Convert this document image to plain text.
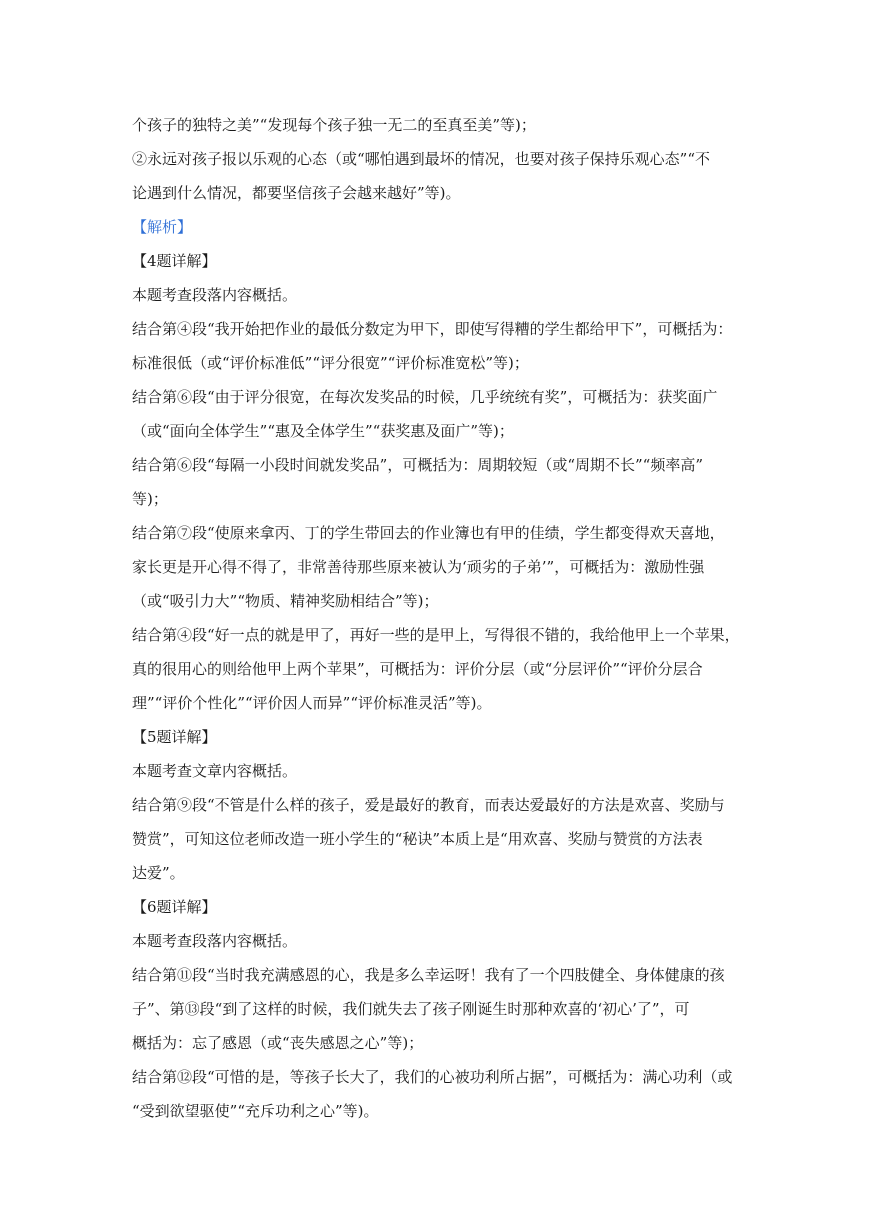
个孩子的独特之美”“发现每个孩子独一无二的至真至美”等)；
②永远对孩子报以乐观的心态（或“哪怕遇到最坏的情况，也要对孩子保持乐观心态”“不
论遇到什么情况，都要坚信孩子会越来越好”等)。
【解析】
【4题详解】
本题考查段落内容概括。
结合第④段“我开始把作业的最低分数定为甲下，即使写得糟的学生都给甲下”，可概括为：
标准很低（或“评价标准低”“评分很宽”“评价标准宽松”等)；
结合第⑥段“由于评分很宽，在每次发奖品的时候，几乎统统有奖”，可概括为：获奖面广
（或“面向全体学生”“惠及全体学生”“获奖惠及面广”等)；
结合第⑥段“每隔一小段时间就发奖品”，可概括为：周期较短（或“周期不长”“频率高”
等)；
结合第⑦段“使原来拿丙、丁的学生带回去的作业簿也有甲的佳绩，学生都变得欢天喜地，
家长更是开心得不得了，非常善待那些原来被认为‘顽劣的子弟’”，可概括为：激励性强
（或“吸引力大”“物质、精神奖励相结合”等)；
结合第④段“好一点的就是甲了，再好一些的是甲上，写得很不错的，我给他甲上一个苹果，
真的很用心的则给他甲上两个苹果”，可概括为：评价分层（或“分层评价”“评价分层合
理”“评价个性化”“评价因人而异”“评价标准灵活”等)。
【5题详解】
本题考查文章内容概括。
结合第⑨段“不管是什么样的孩子，爱是最好的教育，而表达爱最好的方法是欢喜、奖励与
赞赏”，可知这位老师改造一班小学生的“秘诀”本质上是“用欢喜、奖励与赞赏的方法表
达爱”。
【6题详解】
本题考查段落内容概括。
结合第⑪段“当时我充满感恩的心，我是多么幸运呀！我有了一个四肢健全、身体健康的孩
子”、第⑬段“到了这样的时候，我们就失去了孩子刚诞生时那种欢喜的‘初心’了”，可
概括为：忘了感恩（或“丧失感恩之心”等)；
结合第⑫段“可惜的是，等孩子长大了，我们的心被功利所占据”，可概括为：满心功利（或
“受到欲望驱使”“充斥功利之心”等)。
